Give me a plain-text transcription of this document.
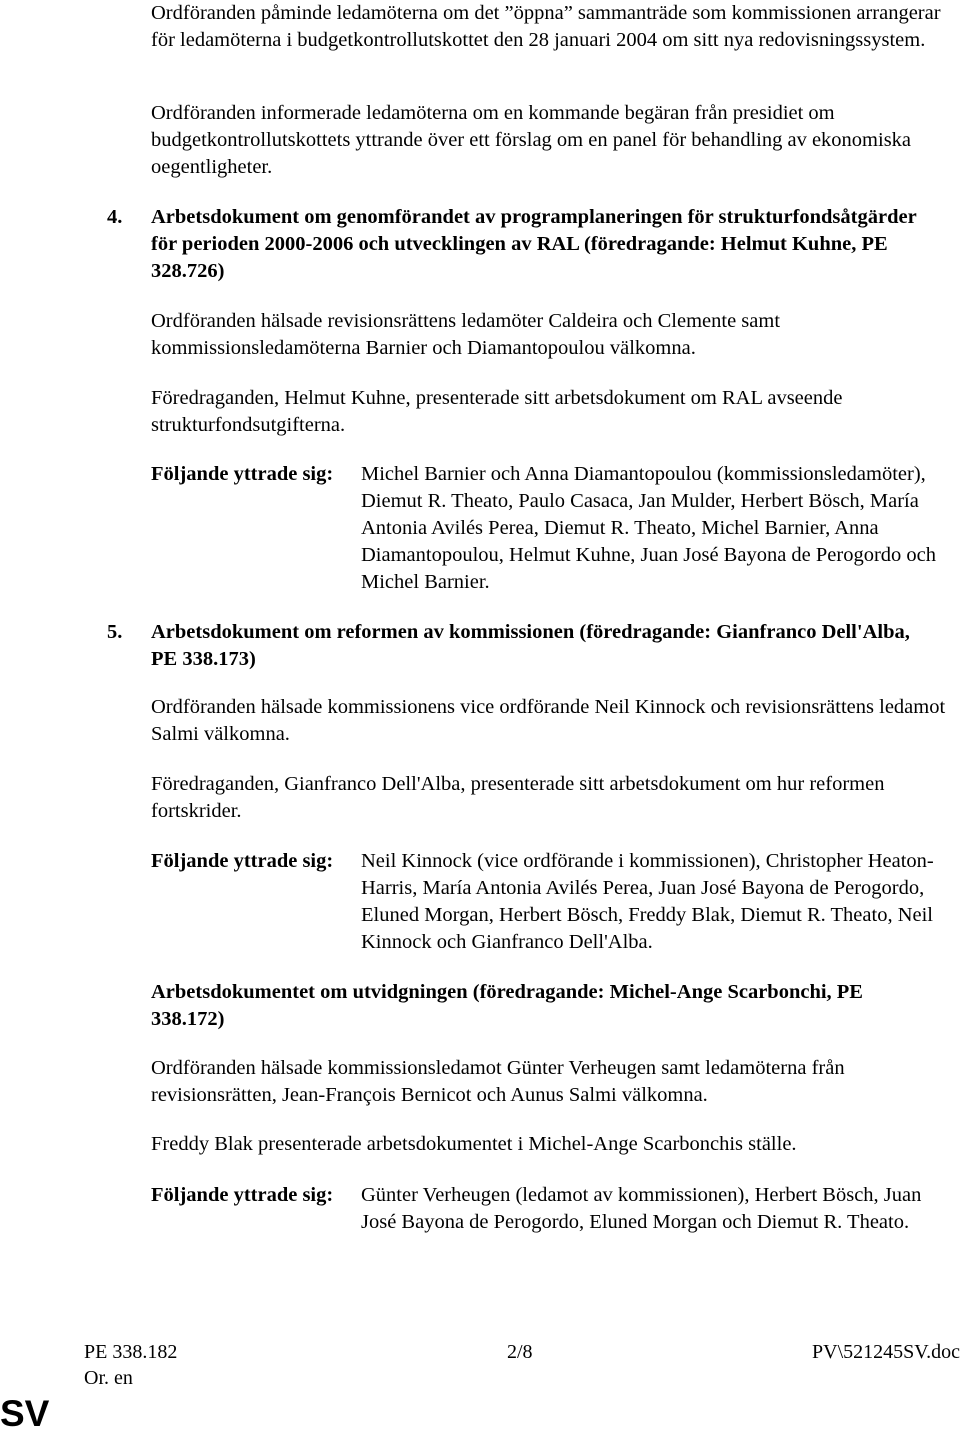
Ordföranden påminde ledamöterna om det ”öppna” sammanträde som kommissionen arrangerar för ledamöterna i budgetkontrollutskottet den 28 januari 2004 om sitt nya redovisningssystem.

Ordföranden informerade ledamöterna om en kommande begäran från presidiet om budgetkontrollutskottets yttrande över ett förslag om en panel för behandling av ekonomiska oegentligheter.

4. Arbetsdokument om genomförandet av programplaneringen för strukturfondsåtgärder för perioden 2000-2006 och utvecklingen av RAL (föredragande: Helmut Kuhne, PE 328.726)

Ordföranden hälsade revisionsrättens ledamöter Caldeira och Clemente samt kommissionsledamöterna Barnier och Diamantopoulou välkomna.

Föredraganden, Helmut Kuhne, presenterade sitt arbetsdokument om RAL avseende strukturfondsutgifterna.

Följande yttrade sig: Michel Barnier och Anna Diamantopoulou (kommissionsledamöter), Diemut R. Theato, Paulo Casaca, Jan Mulder, Herbert Bösch, María Antonia Avilés Perea, Diemut R. Theato, Michel Barnier, Anna Diamantopoulou, Helmut Kuhne, Juan José Bayona de Perogordo och Michel Barnier.
5. Arbetsdokument om reformen av kommissionen (föredragande: Gianfranco Dell'Alba, PE 338.173)

Ordföranden hälsade kommissionens vice ordförande Neil Kinnock och revisionsrättens ledamot Salmi välkomna.

Föredraganden, Gianfranco Dell'Alba, presenterade sitt arbetsdokument om hur reformen fortskrider.

Följande yttrade sig: Neil Kinnock (vice ordförande i kommissionen), Christopher Heaton-Harris, María Antonia Avilés Perea, Juan José Bayona de Perogordo, Eluned Morgan, Herbert Bösch, Freddy Blak, Diemut R. Theato, Neil Kinnock och Gianfranco Dell'Alba.
Arbetsdokumentet om utvidgningen (föredragande: Michel-Ange Scarbonchi, PE 338.172)

Ordföranden hälsade kommissionsledamot Günter Verheugen samt ledamöterna från revisionsrätten, Jean-François Bernicot och Aunus Salmi välkomna.

Freddy Blak presenterade arbetsdokumentet i Michel-Ange Scarbonchis ställe.

Följande yttrade sig: Günter Verheugen (ledamot av kommissionen), Herbert Bösch, Juan José Bayona de Perogordo, Eluned Morgan och Diemut R. Theato.
PE 338.182	2/8	PV\521245SV.doc
Or. en
SV
